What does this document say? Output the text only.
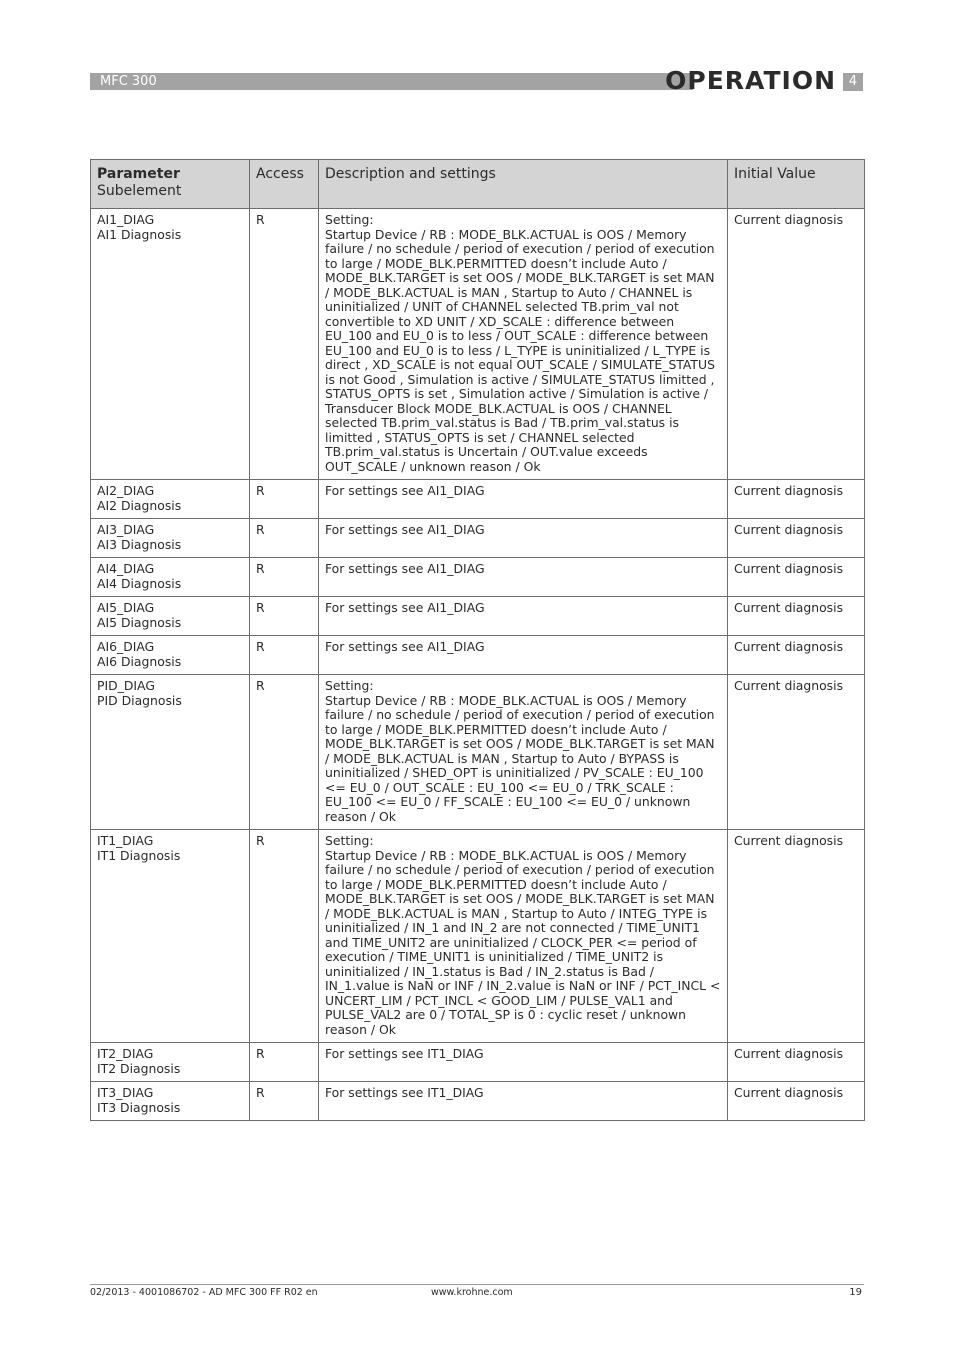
MFC 300	OPERATION 4
Parameter
Subelement	Access	Description and settings	Initial Value

AI1_DIAG
AI1 Diagnosis	R	Setting:
Startup Device / RB : MODE_BLK.ACTUAL is OOS / Memory failure / no schedule / period of execution / period of execution to large / MODE_BLK.PERMITTED doesn’t include Auto / MODE_BLK.TARGET is set OOS / MODE_BLK.TARGET is set MAN / MODE_BLK.ACTUAL is MAN , Startup to Auto / CHANNEL is uninitialized / UNIT of CHANNEL selected TB.prim_val not convertible to XD UNIT / XD_SCALE : difference between EU_100 and EU_0 is to less / OUT_SCALE : difference between EU_100 and EU_0 is to less / L_TYPE is uninitialized / L_TYPE is direct , XD_SCALE is not equal OUT_SCALE / SIMULATE_STATUS is not Good , Simulation is active / SIMULATE_STATUS limitted , STATUS_OPTS is set , Simulation active / Simulation is active / Transducer Block MODE_BLK.ACTUAL is OOS / CHANNEL selected TB.prim_val.status is Bad / TB.prim_val.status is limitted , STATUS_OPTS is set / CHANNEL selected TB.prim_val.status is Uncertain / OUT.value exceeds OUT_SCALE / unknown reason / Ok	Current diagnosis

AI2_DIAG
AI2 Diagnosis	R	For settings see AI1_DIAG	Current diagnosis

AI3_DIAG
AI3 Diagnosis	R	For settings see AI1_DIAG	Current diagnosis

AI4_DIAG
AI4 Diagnosis	R	For settings see AI1_DIAG	Current diagnosis

AI5_DIAG
AI5 Diagnosis	R	For settings see AI1_DIAG	Current diagnosis

AI6_DIAG
AI6 Diagnosis	R	For settings see AI1_DIAG	Current diagnosis

PID_DIAG
PID Diagnosis	R	Setting:
Startup Device / RB : MODE_BLK.ACTUAL is OOS / Memory failure / no schedule / period of execution / period of execution to large / MODE_BLK.PERMITTED doesn’t include Auto / MODE_BLK.TARGET is set OOS / MODE_BLK.TARGET is set MAN / MODE_BLK.ACTUAL is MAN , Startup to Auto / BYPASS is uninitialized / SHED_OPT is uninitialized / PV_SCALE : EU_100 <= EU_0 / OUT_SCALE : EU_100 <= EU_0 / TRK_SCALE : EU_100 <= EU_0 / FF_SCALE : EU_100 <= EU_0 / unknown reason / Ok	Current diagnosis

IT1_DIAG
IT1 Diagnosis	R	Setting:
Startup Device / RB : MODE_BLK.ACTUAL is OOS / Memory failure / no schedule / period of execution / period of execution to large / MODE_BLK.PERMITTED doesn’t include Auto / MODE_BLK.TARGET is set OOS / MODE_BLK.TARGET is set MAN / MODE_BLK.ACTUAL is MAN , Startup to Auto / INTEG_TYPE is uninitialized / IN_1 and IN_2 are not connected / TIME_UNIT1 and TIME_UNIT2 are uninitialized / CLOCK_PER <= period of execution / TIME_UNIT1 is uninitialized / TIME_UNIT2 is uninitialized / IN_1.status is Bad / IN_2.status is Bad / IN_1.value is NaN or INF / IN_2.value is NaN or INF / PCT_INCL < UNCERT_LIM / PCT_INCL < GOOD_LIM / PULSE_VAL1 and PULSE_VAL2 are 0 / TOTAL_SP is 0 : cyclic reset / unknown reason / Ok	Current diagnosis

IT2_DIAG
IT2 Diagnosis	R	For settings see IT1_DIAG	Current diagnosis

IT3_DIAG
IT3 Diagnosis	R	For settings see IT1_DIAG	Current diagnosis
02/2013 - 4001086702 - AD MFC 300 FF R02 en	www.krohne.com	19
